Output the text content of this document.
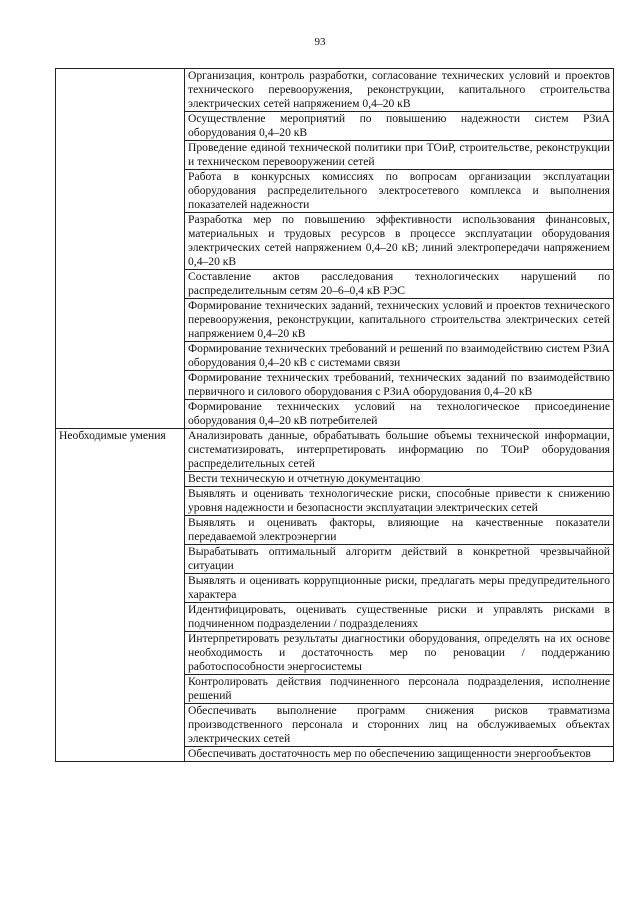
93
	Организация, контроль разработки, согласование технических условий и проектов технического перевооружения, реконструкции, капитального строительства электрических сетей напряжением 0,4–20 кВ
	Осуществление мероприятий по повышению надежности систем РЗиА оборудования 0,4–20 кВ
	Проведение единой технической политики при ТОиР, строительстве, реконструкции и техническом перевооружении сетей
	Работа в конкурсных комиссиях по вопросам организации эксплуатации оборудования распределительного электросетевого комплекса и выполнения показателей надежности
	Разработка мер по повышению эффективности использования финансовых, материальных и трудовых ресурсов в процессе эксплуатации оборудования электрических сетей напряжением 0,4–20 кВ; линий электропередачи напряжением 0,4–20 кВ
	Составление актов расследования технологических нарушений по распределительным сетям 20–6–0,4 кВ РЭС
	Формирование технических заданий, технических условий и проектов технического перевооружения, реконструкции, капитального строительства электрических сетей напряжением 0,4–20 кВ
	Формирование технических требований и решений по взаимодействию систем РЗиА оборудования 0,4–20 кВ с системами связи
	Формирование технических требований, технических заданий по взаимодействию первичного и силового оборудования с РЗиА оборудования 0,4–20 кВ
	Формирование технических условий на технологическое присоединение оборудования 0,4–20 кВ потребителей
Необходимые умения	Анализировать данные, обрабатывать большие объемы технической информации, систематизировать, интерпретировать информацию по ТОиР оборудования распределительных сетей
	Вести техническую и отчетную документацию
	Выявлять и оценивать технологические риски, способные привести к снижению уровня надежности и безопасности эксплуатации электрических сетей
	Выявлять и оценивать факторы, влияющие на качественные показатели передаваемой электроэнергии
	Вырабатывать оптимальный алгоритм действий в конкретной чрезвычайной ситуации
	Выявлять и оценивать коррупционные риски, предлагать меры предупредительного характера
	Идентифицировать, оценивать существенные риски и управлять рисками в подчиненном подразделении / подразделениях
	Интерпретировать результаты диагностики оборудования, определять на их основе необходимость и достаточность мер по реновации / поддержанию работоспособности энергосистемы
	Контролировать действия подчиненного персонала подразделения, исполнение решений
	Обеспечивать выполнение программ снижения рисков травматизма производственного персонала и сторонних лиц на обслуживаемых объектах электрических сетей
	Обеспечивать достаточность мер по обеспечению защищенности энергообъектов
